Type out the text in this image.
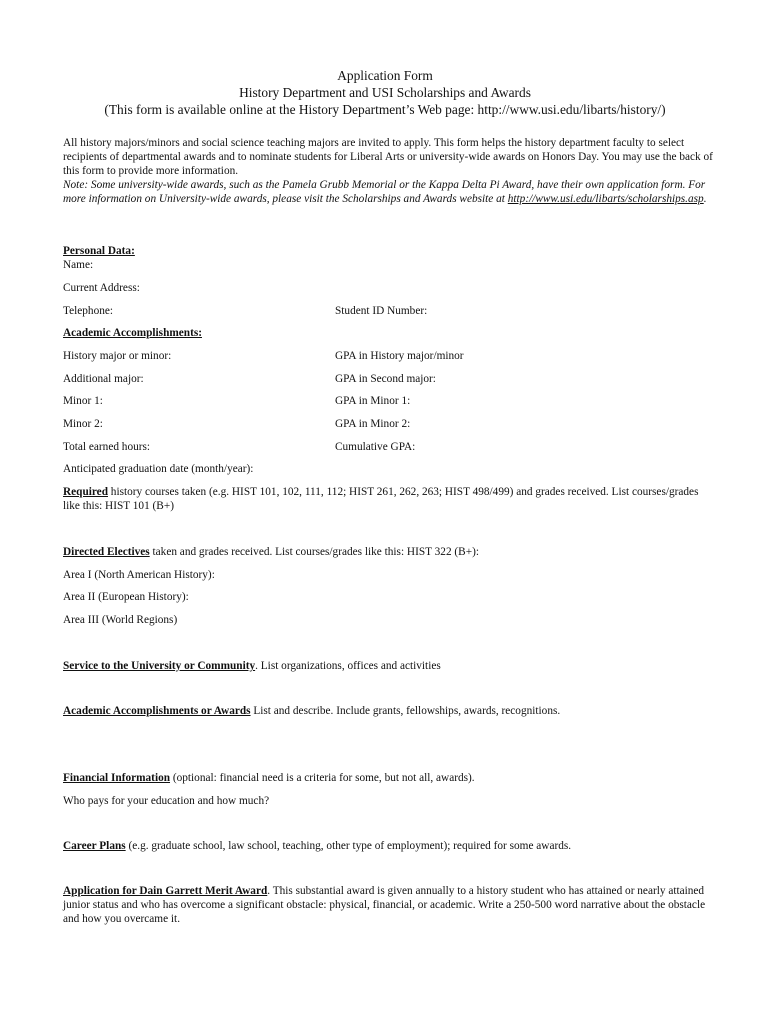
Application Form
History Department and USI Scholarships and Awards
(This form is available online at the History Department’s Web page: http://www.usi.edu/libarts/history/)

All history majors/minors and social science teaching majors are invited to apply. This form helps the history department faculty to select recipients of departmental awards and to nominate students for Liberal Arts or university-wide awards on Honors Day. You may use the back of this form to provide more information.

Note: Some university-wide awards, such as the Pamela Grubb Memorial or the Kappa Delta Pi Award, have their own application form. For more information on University-wide awards, please visit the Scholarships and Awards website at http://www.usi.edu/libarts/scholarships.asp.

Personal Data:
Name:
Current Address:
Telephone:	Student ID Number:
Academic Accomplishments:
History major or minor:	GPA in History major/minor
Additional major:	GPA in Second major:
Minor 1:	GPA in Minor 1:
Minor 2:	GPA in Minor 2:
Total earned hours:	Cumulative GPA:
Anticipated graduation date (month/year):

Required history courses taken (e.g. HIST 101, 102, 111, 112; HIST 261, 262, 263; HIST 498/499) and grades received. List courses/grades like this: HIST 101 (B+)

Directed Electives taken and grades received. List courses/grades like this: HIST 322 (B+):

Area I (North American History):
Area II (European History):
Area III (World Regions)

Service to the University or Community. List organizations, offices and activities

Academic Accomplishments or Awards List and describe. Include grants, fellowships, awards, recognitions.

Financial Information (optional: financial need is a criteria for some, but not all, awards).

Who pays for your education and how much?

Career Plans (e.g. graduate school, law school, teaching, other type of employment); required for some awards.

Application for Dain Garrett Merit Award. This substantial award is given annually to a history student who has attained or nearly attained junior status and who has overcome a significant obstacle: physical, financial, or academic. Write a 250-500 word narrative about the obstacle and how you overcame it.
